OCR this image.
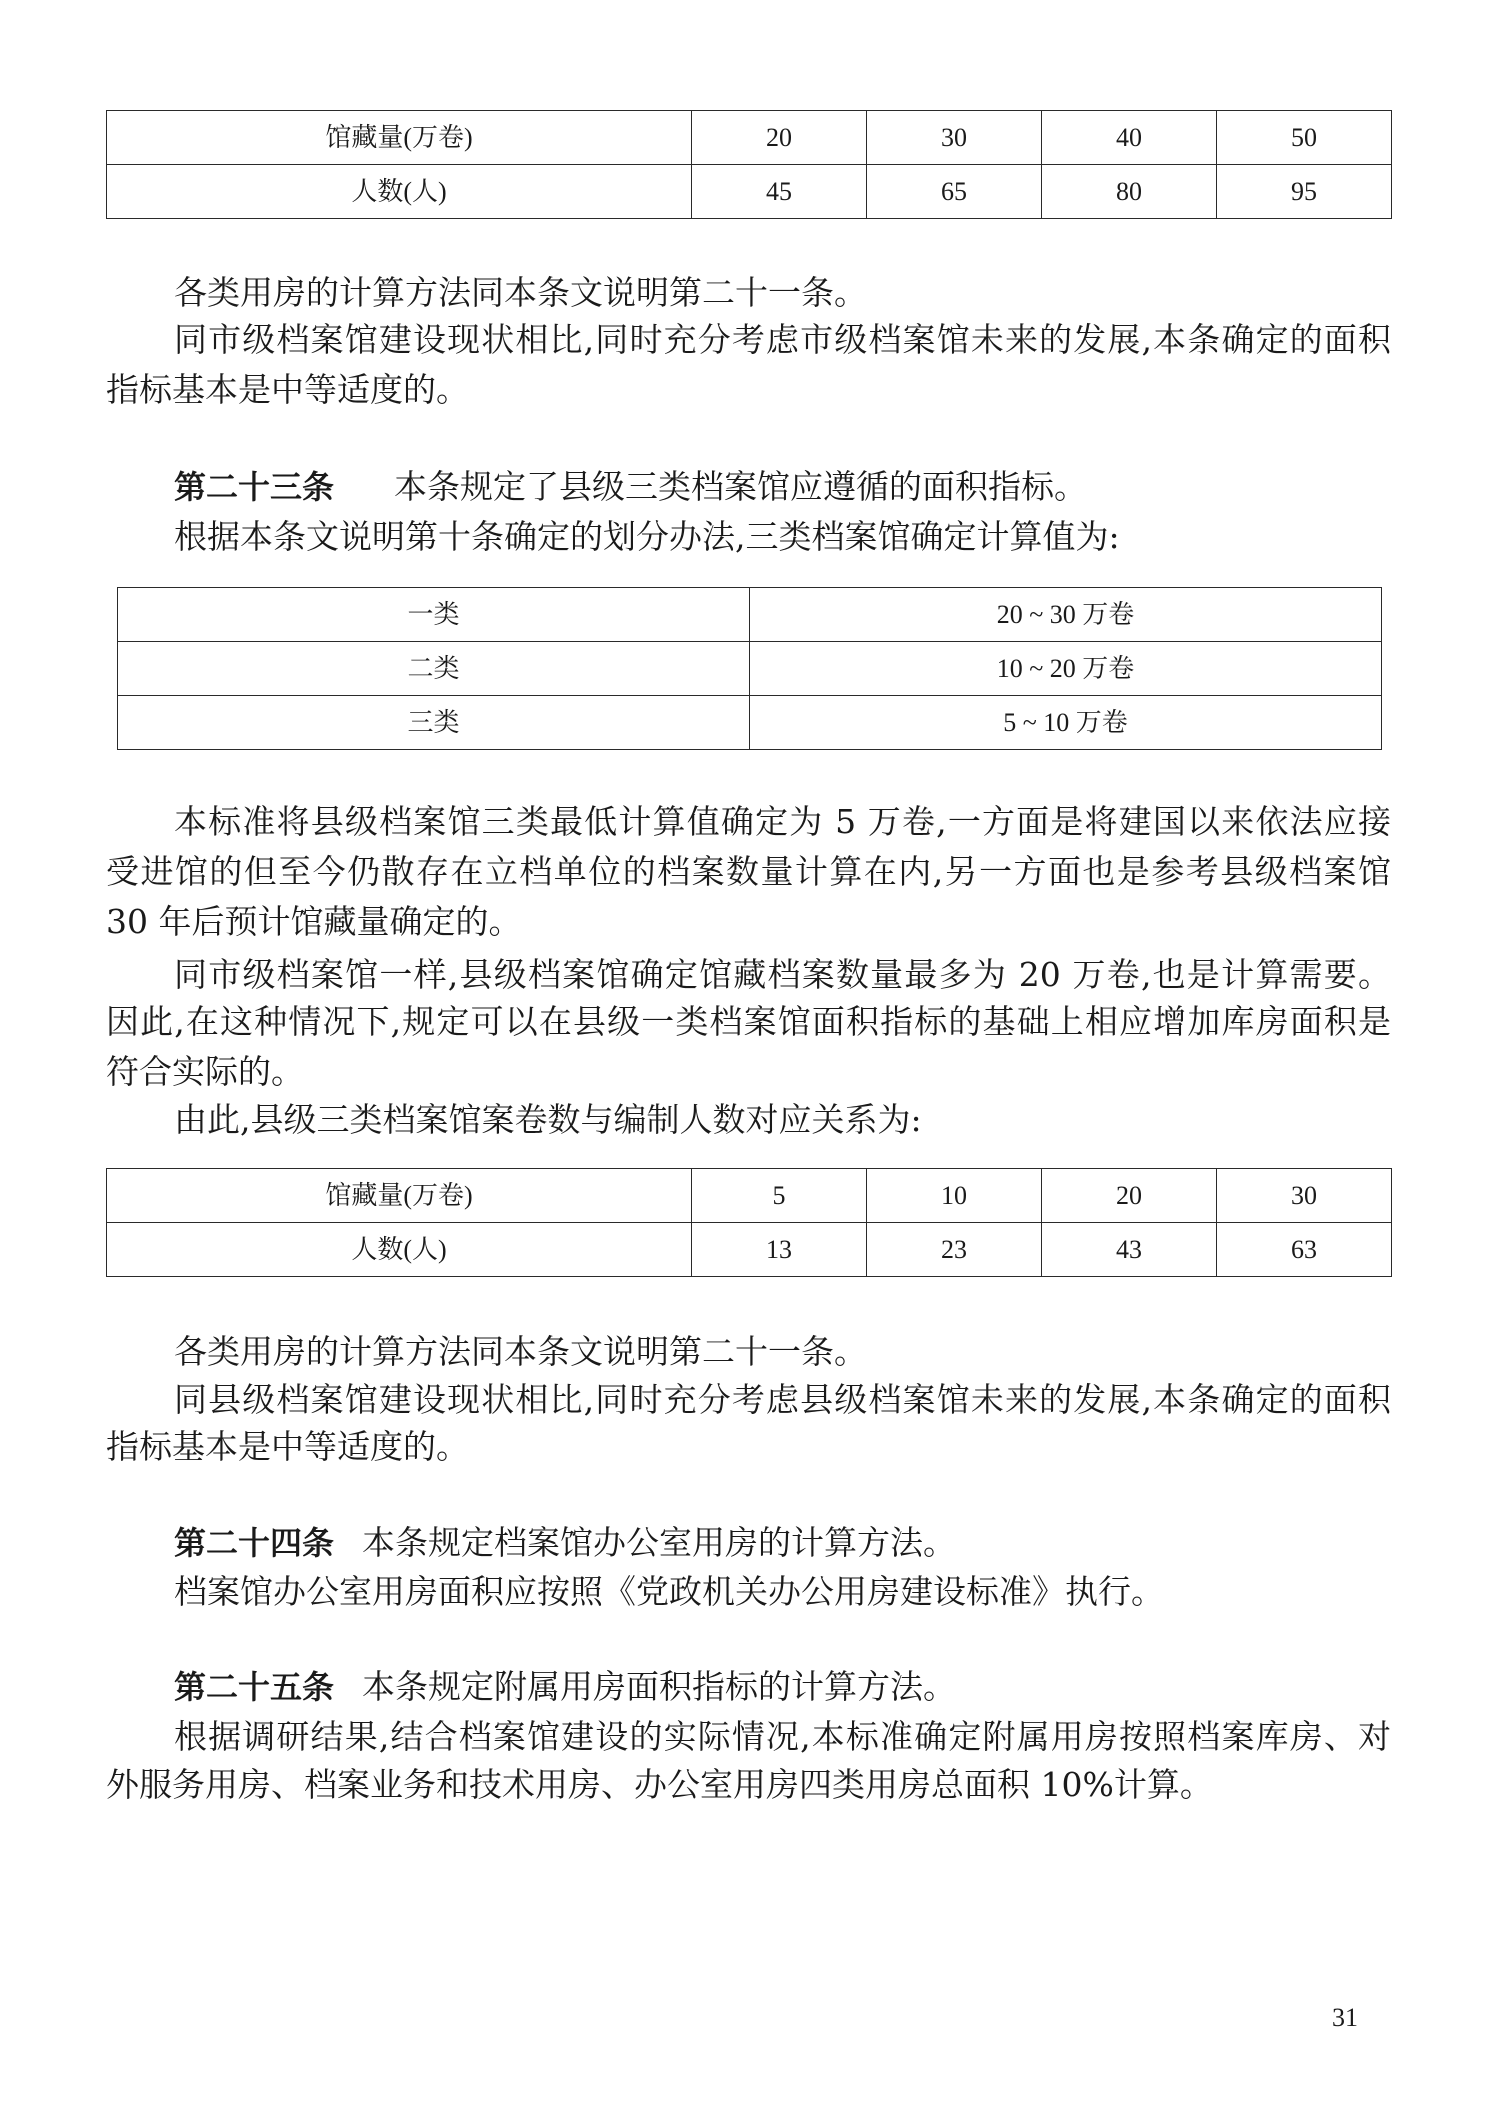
馆藏量(万卷)	20	30	40	50
人数(人)	45	65	80	95

各类用房的计算方法同本条文说明第二十一条。

同市级档案馆建设现状相比,同时充分考虑市级档案馆未来的发展,本条确定的面积

指标基本是中等适度的。

第二十三条 本条规定了县级三类档案馆应遵循的面积指标。

根据本条文说明第十条确定的划分办法,三类档案馆确定计算值为:

一类	20 ~ 30 万卷
二类	10 ~ 20 万卷
三类	5 ~ 10 万卷

本标准将县级档案馆三类最低计算值确定为 5 万卷,一方面是将建国以来依法应接

受进馆的但至今仍散存在立档单位的档案数量计算在内,另一方面也是参考县级档案馆

30 年后预计馆藏量确定的。

同市级档案馆一样,县级档案馆确定馆藏档案数量最多为 20 万卷,也是计算需要。

因此,在这种情况下,规定可以在县级一类档案馆面积指标的基础上相应增加库房面积是

符合实际的。

由此,县级三类档案馆案卷数与编制人数对应关系为:

馆藏量(万卷)	5	10	20	30
人数(人)	13	23	43	63

各类用房的计算方法同本条文说明第二十一条。

同县级档案馆建设现状相比,同时充分考虑县级档案馆未来的发展,本条确定的面积

指标基本是中等适度的。

第二十四条 本条规定档案馆办公室用房的计算方法。

档案馆办公室用房面积应按照《党政机关办公用房建设标准》执行。

第二十五条 本条规定附属用房面积指标的计算方法。

根据调研结果,结合档案馆建设的实际情况,本标准确定附属用房按照档案库房、对

外服务用房、档案业务和技术用房、办公室用房四类用房总面积 10%计算。

31
